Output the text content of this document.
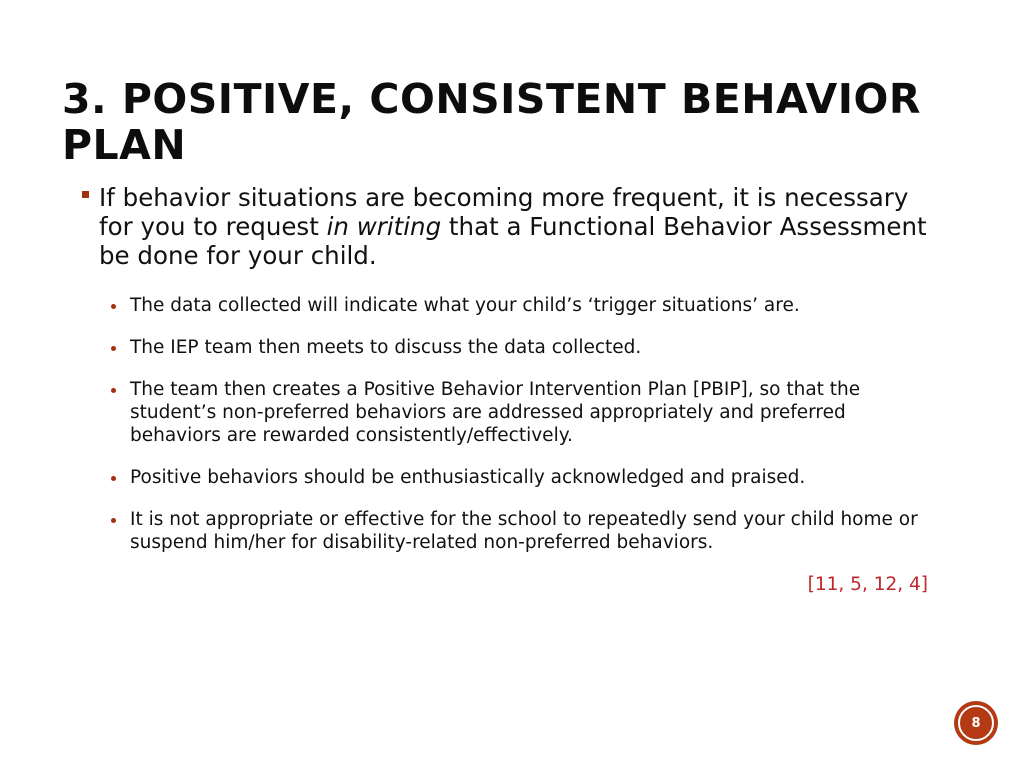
3. POSITIVE, CONSISTENT BEHAVIOR PLAN
If behavior situations are becoming more frequent, it is necessary for you to request in writing that a Functional Behavior Assessment be done for your child.
The data collected will indicate what your child’s ‘trigger situations’ are.
The IEP team then meets to discuss the data collected.
The team then creates a Positive Behavior Intervention Plan [PBIP], so that the student’s non-preferred behaviors are addressed appropriately and preferred behaviors are rewarded consistently/effectively.
Positive behaviors should be enthusiastically acknowledged and praised.
It is not appropriate or effective for the school to repeatedly send your child home or suspend him/her for disability-related non-preferred behaviors.
[11, 5, 12, 4]
8
